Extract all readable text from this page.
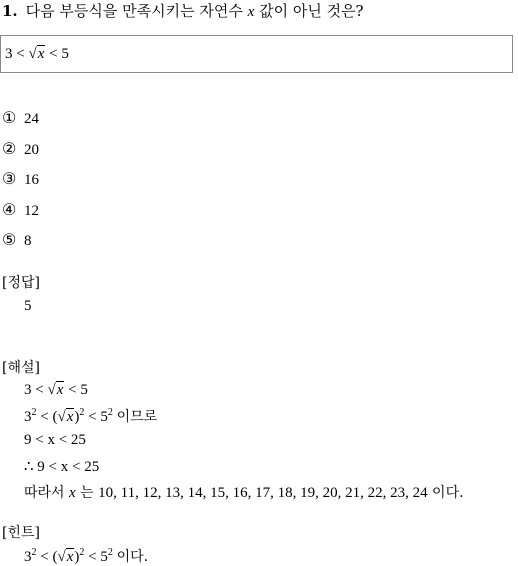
1. 다음 부등식을 만족시키는 자연수 x 값이 아닌 것은?
3 < √x < 5
① 24
② 20
③ 16
④ 12
⑤ 8
[정답]
5
[해설]
3 < √x < 5
$3^2 < (√x)^2 < 5^2$ 이므로
9 < x < 25
∴ 9 < x < 25
따라서 x 는 10, 11, 12, 13, 14, 15, 16, 17, 18, 19, 20, 21, 22, 23, 24 이다.
[힌트]
$3^2 < (√x)^2 < 5^2$ 이다.
